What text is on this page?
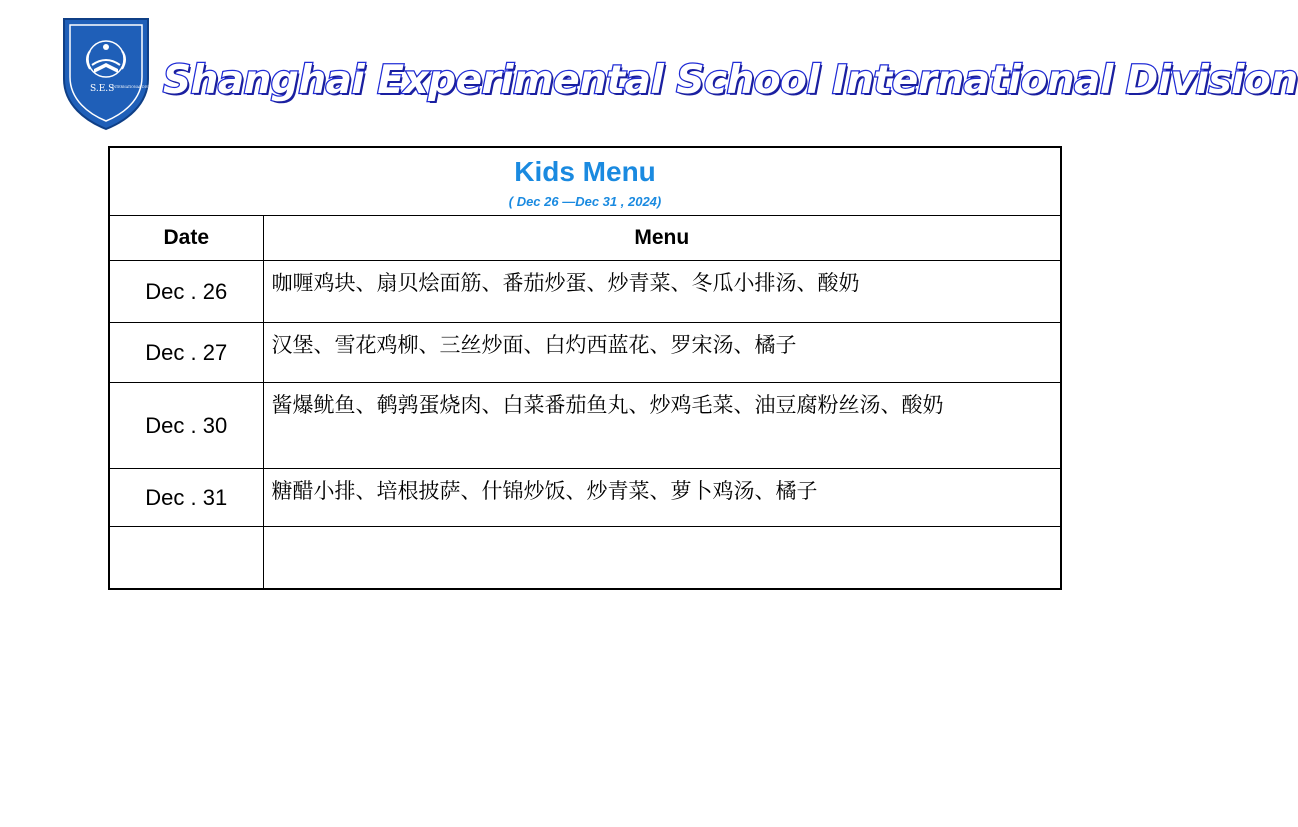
S.E.S
INTERNATIONAL DIVISION Shanghai Experimental School International Division
Kids Menu
( Dec 26 —Dec 31 , 2024)	

Date	Menu
Dec . 26	咖喱鸡块、扇贝烩面筋、番茄炒蛋、炒青菜、冬瓜小排汤、酸奶
Dec . 27	汉堡、雪花鸡柳、三丝炒面、白灼西蓝花、罗宋汤、橘子
Dec . 30	酱爆鱿鱼、鹌鹑蛋烧肉、白菜番茄鱼丸、炒鸡毛菜、油豆腐粉丝汤、酸奶
Dec . 31	糖醋小排、培根披萨、什锦炒饭、炒青菜、萝卜鸡汤、橘子
